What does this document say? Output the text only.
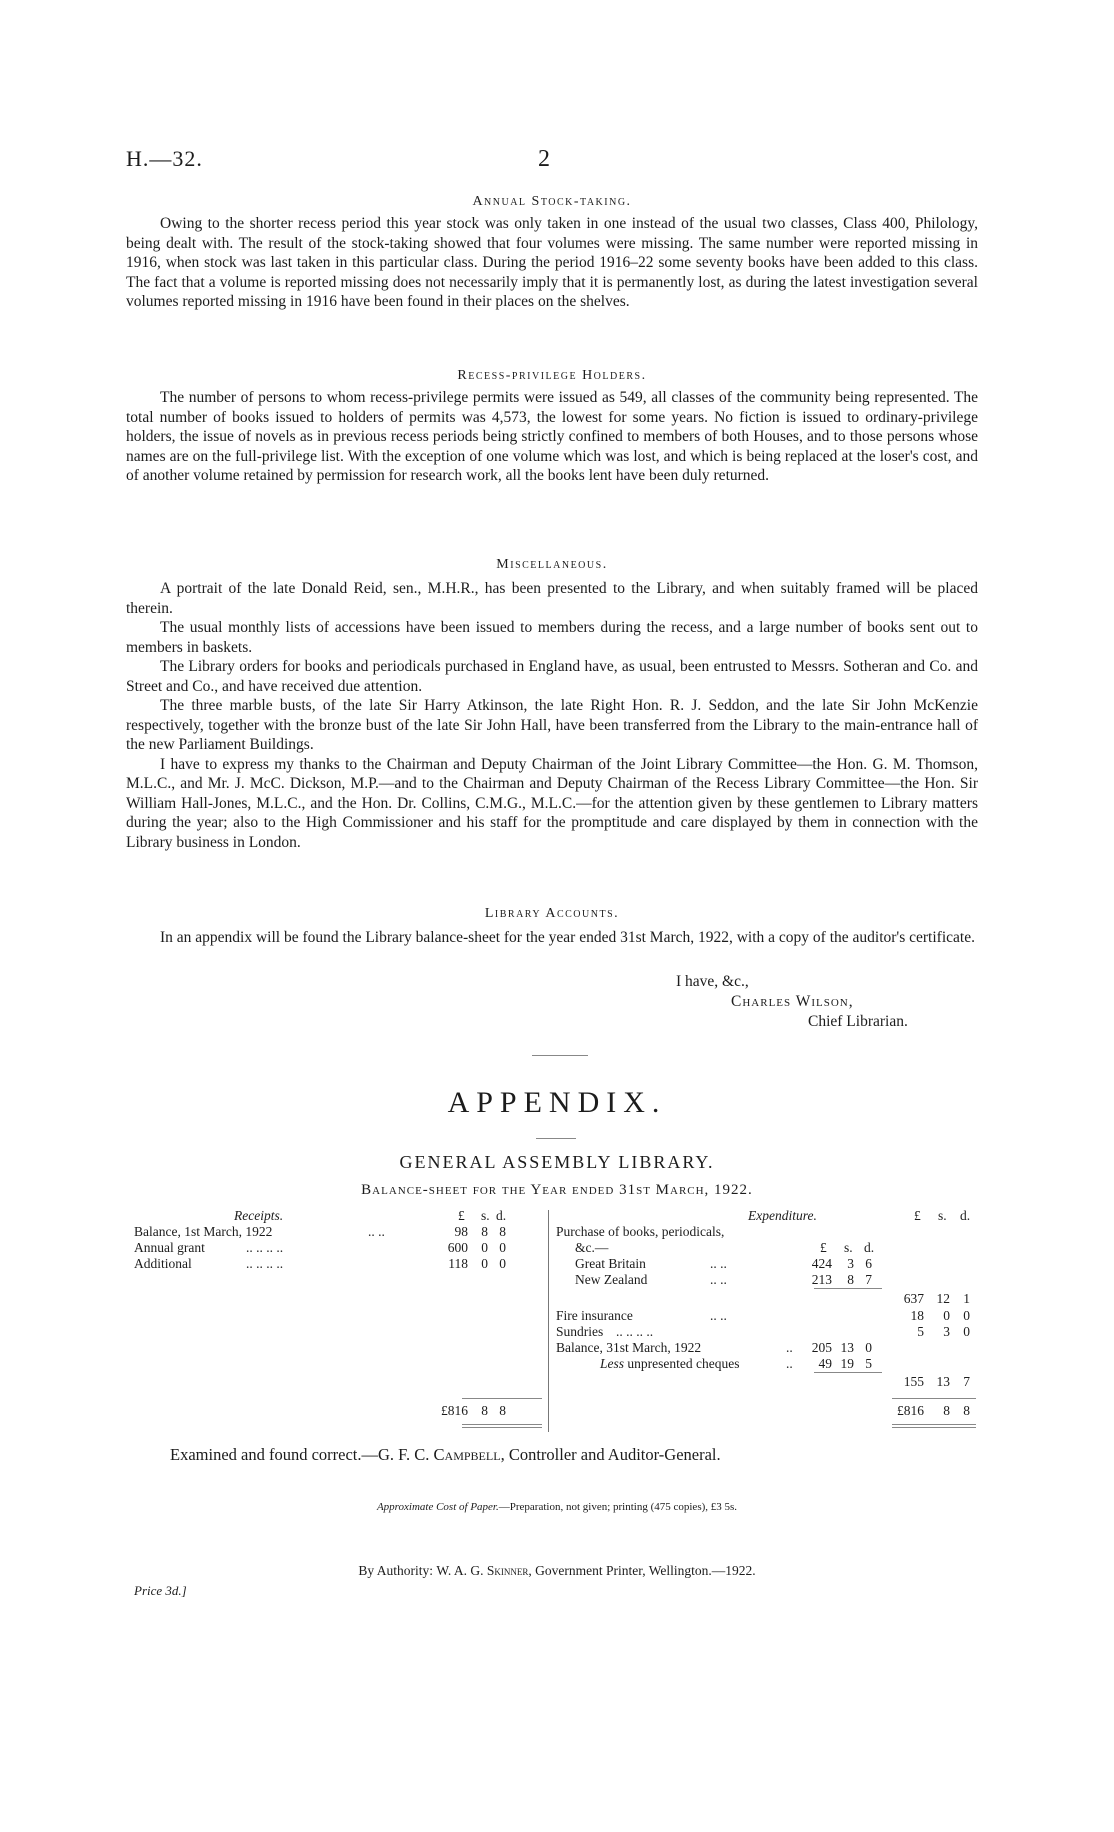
H.—32.	2

Annual Stock-taking.

Owing to the shorter recess period this year stock was only taken in one instead of the usual two classes, Class 400, Philology, being dealt with. The result of the stock-taking showed that four volumes were missing. The same number were reported missing in 1916, when stock was last taken in this particular class. During the period 1916–22 some seventy books have been added to this class. The fact that a volume is reported missing does not necessarily imply that it is permanently lost, as during the latest investigation several volumes reported missing in 1916 have been found in their places on the shelves.

Recess-privilege Holders.

The number of persons to whom recess-privilege permits were issued as 549, all classes of the community being represented. The total number of books issued to holders of permits was 4,573, the lowest for some years. No fiction is issued to ordinary-privilege holders, the issue of novels as in previous recess periods being strictly confined to members of both Houses, and to those persons whose names are on the full-privilege list. With the exception of one volume which was lost, and which is being replaced at the loser's cost, and of another volume retained by permission for research work, all the books lent have been duly returned.

Miscellaneous.

A portrait of the late Donald Reid, sen., M.H.R., has been presented to the Library, and when suitably framed will be placed therein.

The usual monthly lists of accessions have been issued to members during the recess, and a large number of books sent out to members in baskets.

The Library orders for books and periodicals purchased in England have, as usual, been entrusted to Messrs. Sotheran and Co. and Street and Co., and have received due attention.

The three marble busts, of the late Sir Harry Atkinson, the late Right Hon. R. J. Seddon, and the late Sir John McKenzie respectively, together with the bronze bust of the late Sir John Hall, have been transferred from the Library to the main-entrance hall of the new Parliament Buildings.

I have to express my thanks to the Chairman and Deputy Chairman of the Joint Library Committee—the Hon. G. M. Thomson, M.L.C., and Mr. J. McC. Dickson, M.P.—and to the Chairman and Deputy Chairman of the Recess Library Committee—the Hon. Sir William Hall-Jones, M.L.C., and the Hon. Dr. Collins, C.M.G., M.L.C.—for the attention given by these gentlemen to Library matters during the year; also to the High Commissioner and his staff for the promptitude and care displayed by them in connection with the Library business in London.

Library Accounts.

In an appendix will be found the Library balance-sheet for the year ended 31st March, 1922, with a copy of the auditor's certificate.

I have, &c.,
Charles Wilson,
Chief Librarian.
APPENDIX.
GENERAL ASSEMBLY LIBRARY.
Balance-sheet for the Year ended 31st March, 1922.
Receipts.	£ s. d.
Balance, 1st March, 1922	.. ..	98 8 8
Annual grant	.. .. .. ..	600 0 0
Additional	.. .. .. ..	118 0 0
£816 8 8
Expenditure.	£ s. d.
Purchase of books, periodicals,
&c.—	£ s. d.
Great Britain	.. ..	424	3 6
New Zealand	.. ..	213	8 7
637 12 1
Fire insurance	.. ..	18	0 0
Sundries .. .. .. ..	5	3 0
Balance, 31st March, 1922	..	205 13 0
Less unpresented cheques	..	49 19 5
155 13 7
£816	8 8
Examined and found correct.—G. F. C. Campbell, Controller and Auditor-General.
Approximate Cost of Paper.—Preparation, not given; printing (475 copies), £3 5s.
By Authority: W. A. G. Skinner, Government Printer, Wellington.—1922.
Price 3d.]
